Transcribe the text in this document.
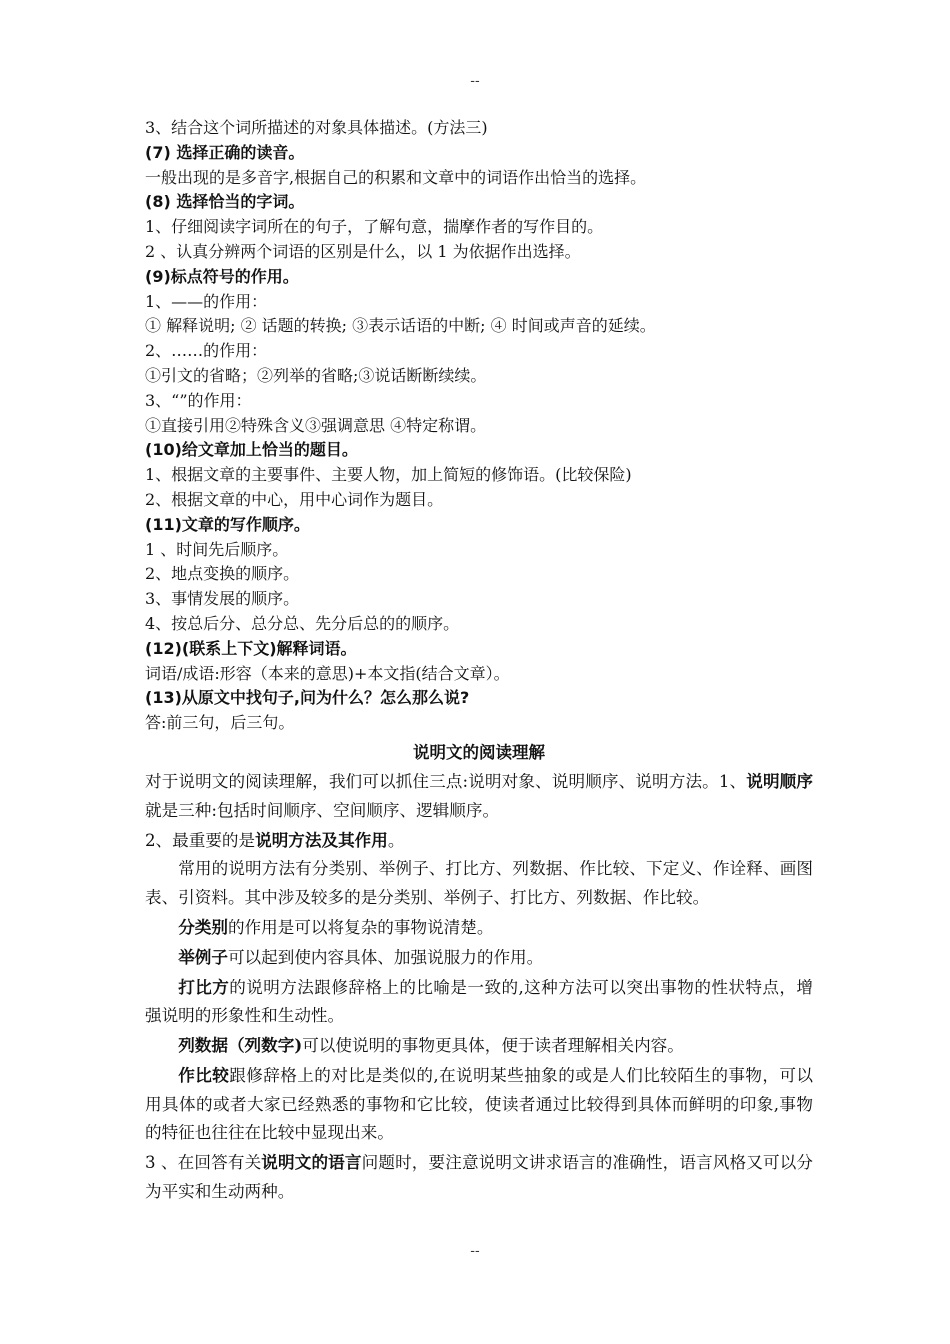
--
3、结合这个词所描述的对象具体描述。(方法三)
(7) 选择正确的读音。
一般出现的是多音字,根据自己的积累和文章中的词语作出恰当的选择。
(8) 选择恰当的字词。
1、仔细阅读字词所在的句子，了解句意，揣摩作者的写作目的。
2 、认真分辨两个词语的区别是什么，以 1 为依据作出选择。
(9)标点符号的作用。
1、——的作用：
① 解释说明; ② 话题的转换; ③表示话语的中断; ④ 时间或声音的延续。
2、……的作用：
①引文的省略；②列举的省略;③说话断断续续。
3、“”的作用：
①直接引用②特殊含义③强调意思 ④特定称谓。
(10)给文章加上恰当的题目。
1、根据文章的主要事件、主要人物，加上简短的修饰语。(比较保险)
2、根据文章的中心，用中心词作为题目。
(11)文章的写作顺序。
1 、时间先后顺序。
2、地点变换的顺序。
3、事情发展的顺序。
4、按总后分、总分总、先分后总的的顺序。
(12)(联系上下文)解释词语。
词语/成语:形容（本来的意思)+本文指(结合文章）。
(13)从原文中找句子,问为什么？怎么那么说?
答:前三句，后三句。
说明文的阅读理解
对于说明文的阅读理解，我们可以抓住三点:说明对象、说明顺序、说明方法。1、说明顺序就是三种:包括时间顺序、空间顺序、逻辑顺序。
2、最重要的是说明方法及其作用。
常用的说明方法有分类别、举例子、打比方、列数据、作比较、下定义、作诠释、画图表、引资料。其中涉及较多的是分类别、举例子、打比方、列数据、作比较。
分类别的作用是可以将复杂的事物说清楚。
举例子可以起到使内容具体、加强说服力的作用。
打比方的说明方法跟修辞格上的比喻是一致的,这种方法可以突出事物的性状特点，增强说明的形象性和生动性。
列数据（列数字)可以使说明的事物更具体，便于读者理解相关内容。
作比较跟修辞格上的对比是类似的,在说明某些抽象的或是人们比较陌生的事物，可以用具体的或者大家已经熟悉的事物和它比较，使读者通过比较得到具体而鲜明的印象,事物的特征也往往在比较中显现出来。
3 、在回答有关说明文的语言问题时，要注意说明文讲求语言的准确性，语言风格又可以分为平实和生动两种。
--
